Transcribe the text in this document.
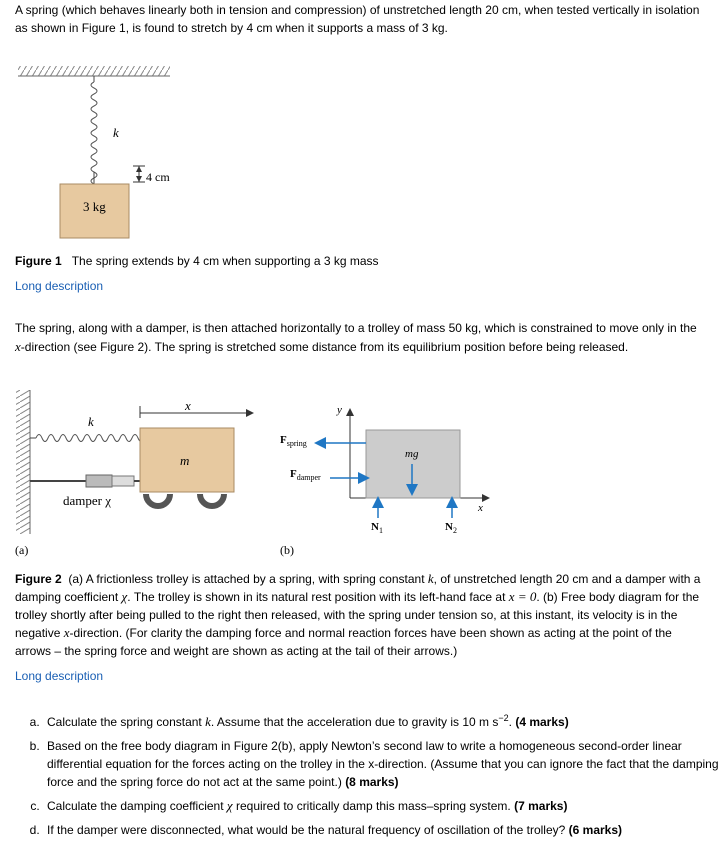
A spring (which behaves linearly both in tension and compression) of unstretched length 20 cm, when tested vertically in isolation as shown in Figure 1, is found to stretch by 4 cm when it supports a mass of 3 kg.

k
4 cm
3 kg
Figure 1 The spring extends by 4 cm when supporting a 3 kg mass
Long description

The spring, along with a damper, is then attached horizontally to a trolley of mass 50 kg, which is constrained to move only in the x-direction (see Figure 2). The spring is stretched some distance from its equilibrium position before being released.

k
x
m
damper χ
(a)
y
x
$F_{spring}$
$F_{damper}$
mg
$N_1$	$N_2$
(b)

Figure 2 (a) A frictionless trolley is attached by a spring, with spring constant k, of unstretched length 20 cm and a damper with a damping coefficient χ. The trolley is shown in its natural rest position with its left-hand face at x = 0. (b) Free body diagram for the trolley shortly after being pulled to the right then released, with the spring under tension so, at this instant, its velocity is in the negative x-direction. (For clarity the damping force and normal reaction forces have been shown as acting at the point of the arrows – the spring force and weight are shown as acting at the tail of their arrows.)

Long description
a. Calculate the spring constant k. Assume that the acceleration due to gravity is 10 m $s^{-2}$. (4 marks)
b. Based on the free body diagram in Figure 2(b), apply Newton’s second law to write a homogeneous second-order linear differential equation for the forces acting on the trolley in the x-direction. (Assume that you can ignore the fact that the damping force and the spring force do not act at the same point.) (8 marks)
c. Calculate the damping coefficient χ required to critically damp this mass–spring system. (7 marks)
d. If the damper were disconnected, what would be the natural frequency of oscillation of the trolley? (6 marks)
